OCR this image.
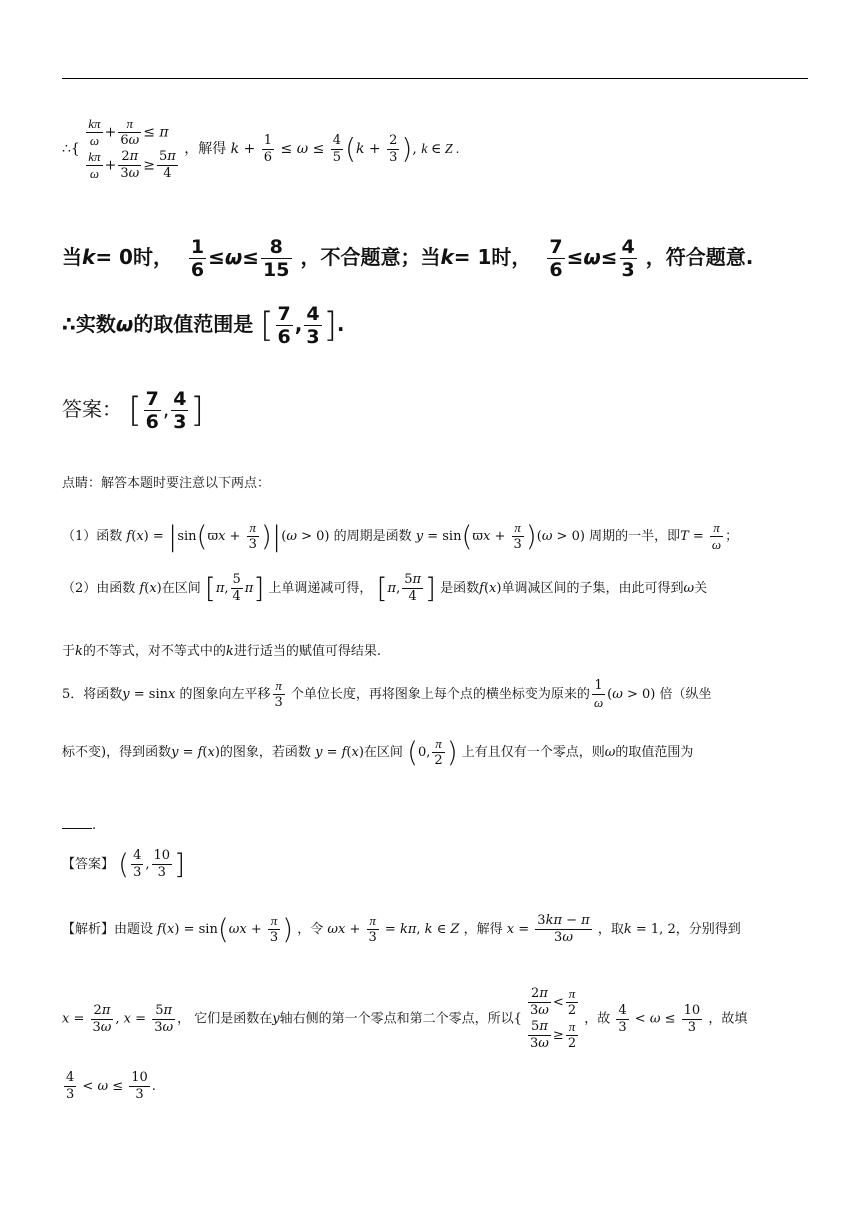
∴{ $\frac{k\pi}{\omega} + \frac{\pi}{6\omega} \le \pi$
$\frac{k\pi}{\omega} + \frac{2\pi}{3\omega} \ge \frac{5\pi}{4}$ ，解得 $k + \frac{1}{6} \le \omega \le \frac{4}{5} (k + \frac{2}{3}$ ), k ∈ Z .
当k= 0时， $\frac{1}{6} \le\omega\le \frac{8}{15}$ ，不合题意；当k= 1时， $\frac{7}{6} \le\omega\le \frac{4}{3}$ ，符合题意.
∴实数ω的取值范围是 [ $\frac{7}{6}$ , $\frac{4}{3}$ ].
答案： [ $\frac{7}{6}$ , $\frac{4}{3}$ ]
点睛：解答本题时要注意以下两点：
（1）函数 $f(x) = |\sin(ϖx + \frac{\pi}{3} )|(\omega > 0)$ 的周期是函数 $y = \sin(ϖx + \frac{\pi}{3} )(\omega > 0)$ 周期的一半，即$T = \frac{\pi}{\omega}$ ；
（2）由函数 f(x)在区间 [π, $\frac{5}{4} \pi$] 上单调递减可得， [π, $\frac{5\pi}{4}$ ] 是函数f(x)单调减区间的子集，由此可得到ω关
于k的不等式，对不等式中的k进行适当的赋值可得结果.
5．将函数y = sinx 的图象向左平移 $\frac{\pi}{3}$ 个单位长度，再将图象上每个点的横坐标变为原来的 $\frac{1}{\omega} (\omega > 0)$ 倍（纵坐
标不变)，得到函数y = f(x)的图象，若函数 y = f(x)在区间 (0, $\frac{\pi}{2}$ ) 上有且仅有一个零点，则ω的取值范围为
.
【答案】 ( $\frac{4}{3}$ , $\frac{10}{3}$ ]
【解析】由题设 $f(x) = \sin(\omega x + \frac{\pi}{3}$ ) ，令 $\omega x + \frac{\pi}{3} = k\pi$, k ∈ Z ，解得 $x = \frac{3k\pi - \pi}{3\omega}$ ，取k = 1, 2，分别得到
$x = \frac{2\pi}{3\omega}$ , $x = \frac{5\pi}{3\omega}$ ， 它们是函数在y轴右侧的第一个零点和第二个零点，所以{ $\frac{2\pi}{3\omega} < \frac{\pi}{2}$
$\frac{5\pi}{3\omega} \ge \frac{\pi}{2}$ ，故 $\frac{4}{3} < \omega \le \frac{10}{3}$ ，故填
$\frac{4}{3} < \omega \le \frac{10}{3}$ .
